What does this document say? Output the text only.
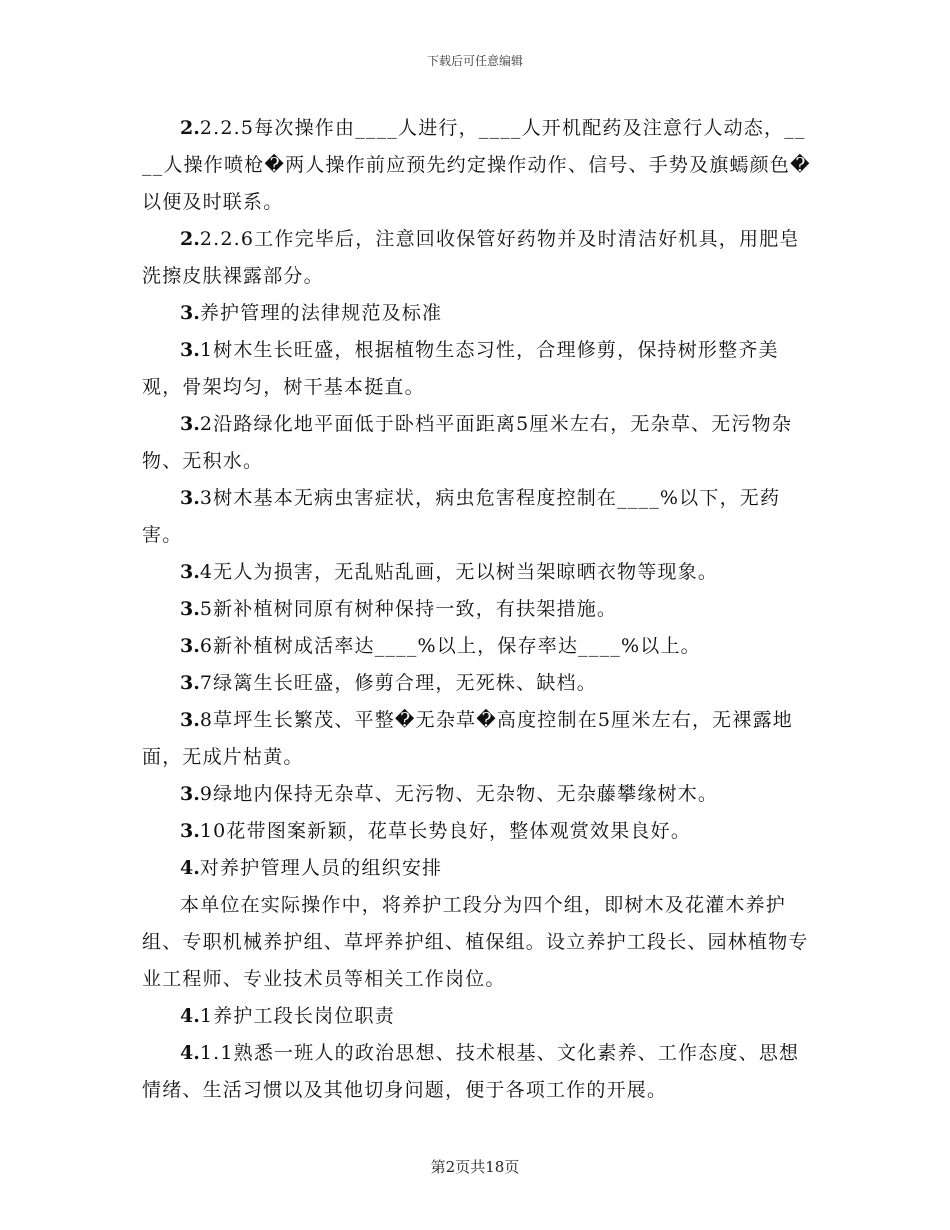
下载后可任意编辑

2.2.2.5每次操作由____人进行，____人开机配药及注意行人动态，____人操作喷枪�两人操作前应预先约定操作动作、信号、手势及旗䗡颜色�以便及时联系。

2.2.2.6工作完毕后，注意回收保管好药物并及时清洁好机具，用肥皂洗擦皮肤裸露部分。

3.养护管理的法律规范及标准

3.1树木生长旺盛，根据植物生态习性，合理修剪，保持树形整齐美观，骨架均匀，树干基本挺直。

3.2沿路绿化地平面低于卧档平面距离5厘米左右，无杂草、无污物杂物、无积水。

3.3树木基本无病虫害症状，病虫危害程度控制在____%以下，无药害。

3.4无人为损害，无乱贴乱画，无以树当架晾晒衣物等现象。

3.5新补植树同原有树种保持一致，有扶架措施。

3.6新补植树成活率达____%以上，保存率达____%以上。

3.7绿篱生长旺盛，修剪合理，无死株、缺档。

3.8草坪生长繁茂、平整�无杂草�高度控制在5厘米左右，无裸露地面，无成片枯黄。

3.9绿地内保持无杂草、无污物、无杂物、无杂藤攀缘树木。

3.10花带图案新颖，花草长势良好，整体观赏效果良好。

4.对养护管理人员的组织安排

本单位在实际操作中，将养护工段分为四个组，即树木及花灌木养护组、专职机械养护组、草坪养护组、植保组。设立养护工段长、园林植物专业工程师、专业技术员等相关工作岗位。

4.1养护工段长岗位职责

4.1.1熟悉一班人的政治思想、技术根基、文化素养、工作态度、思想情绪、生活习惯以及其他切身问题，便于各项工作的开展。

第2页共18页
